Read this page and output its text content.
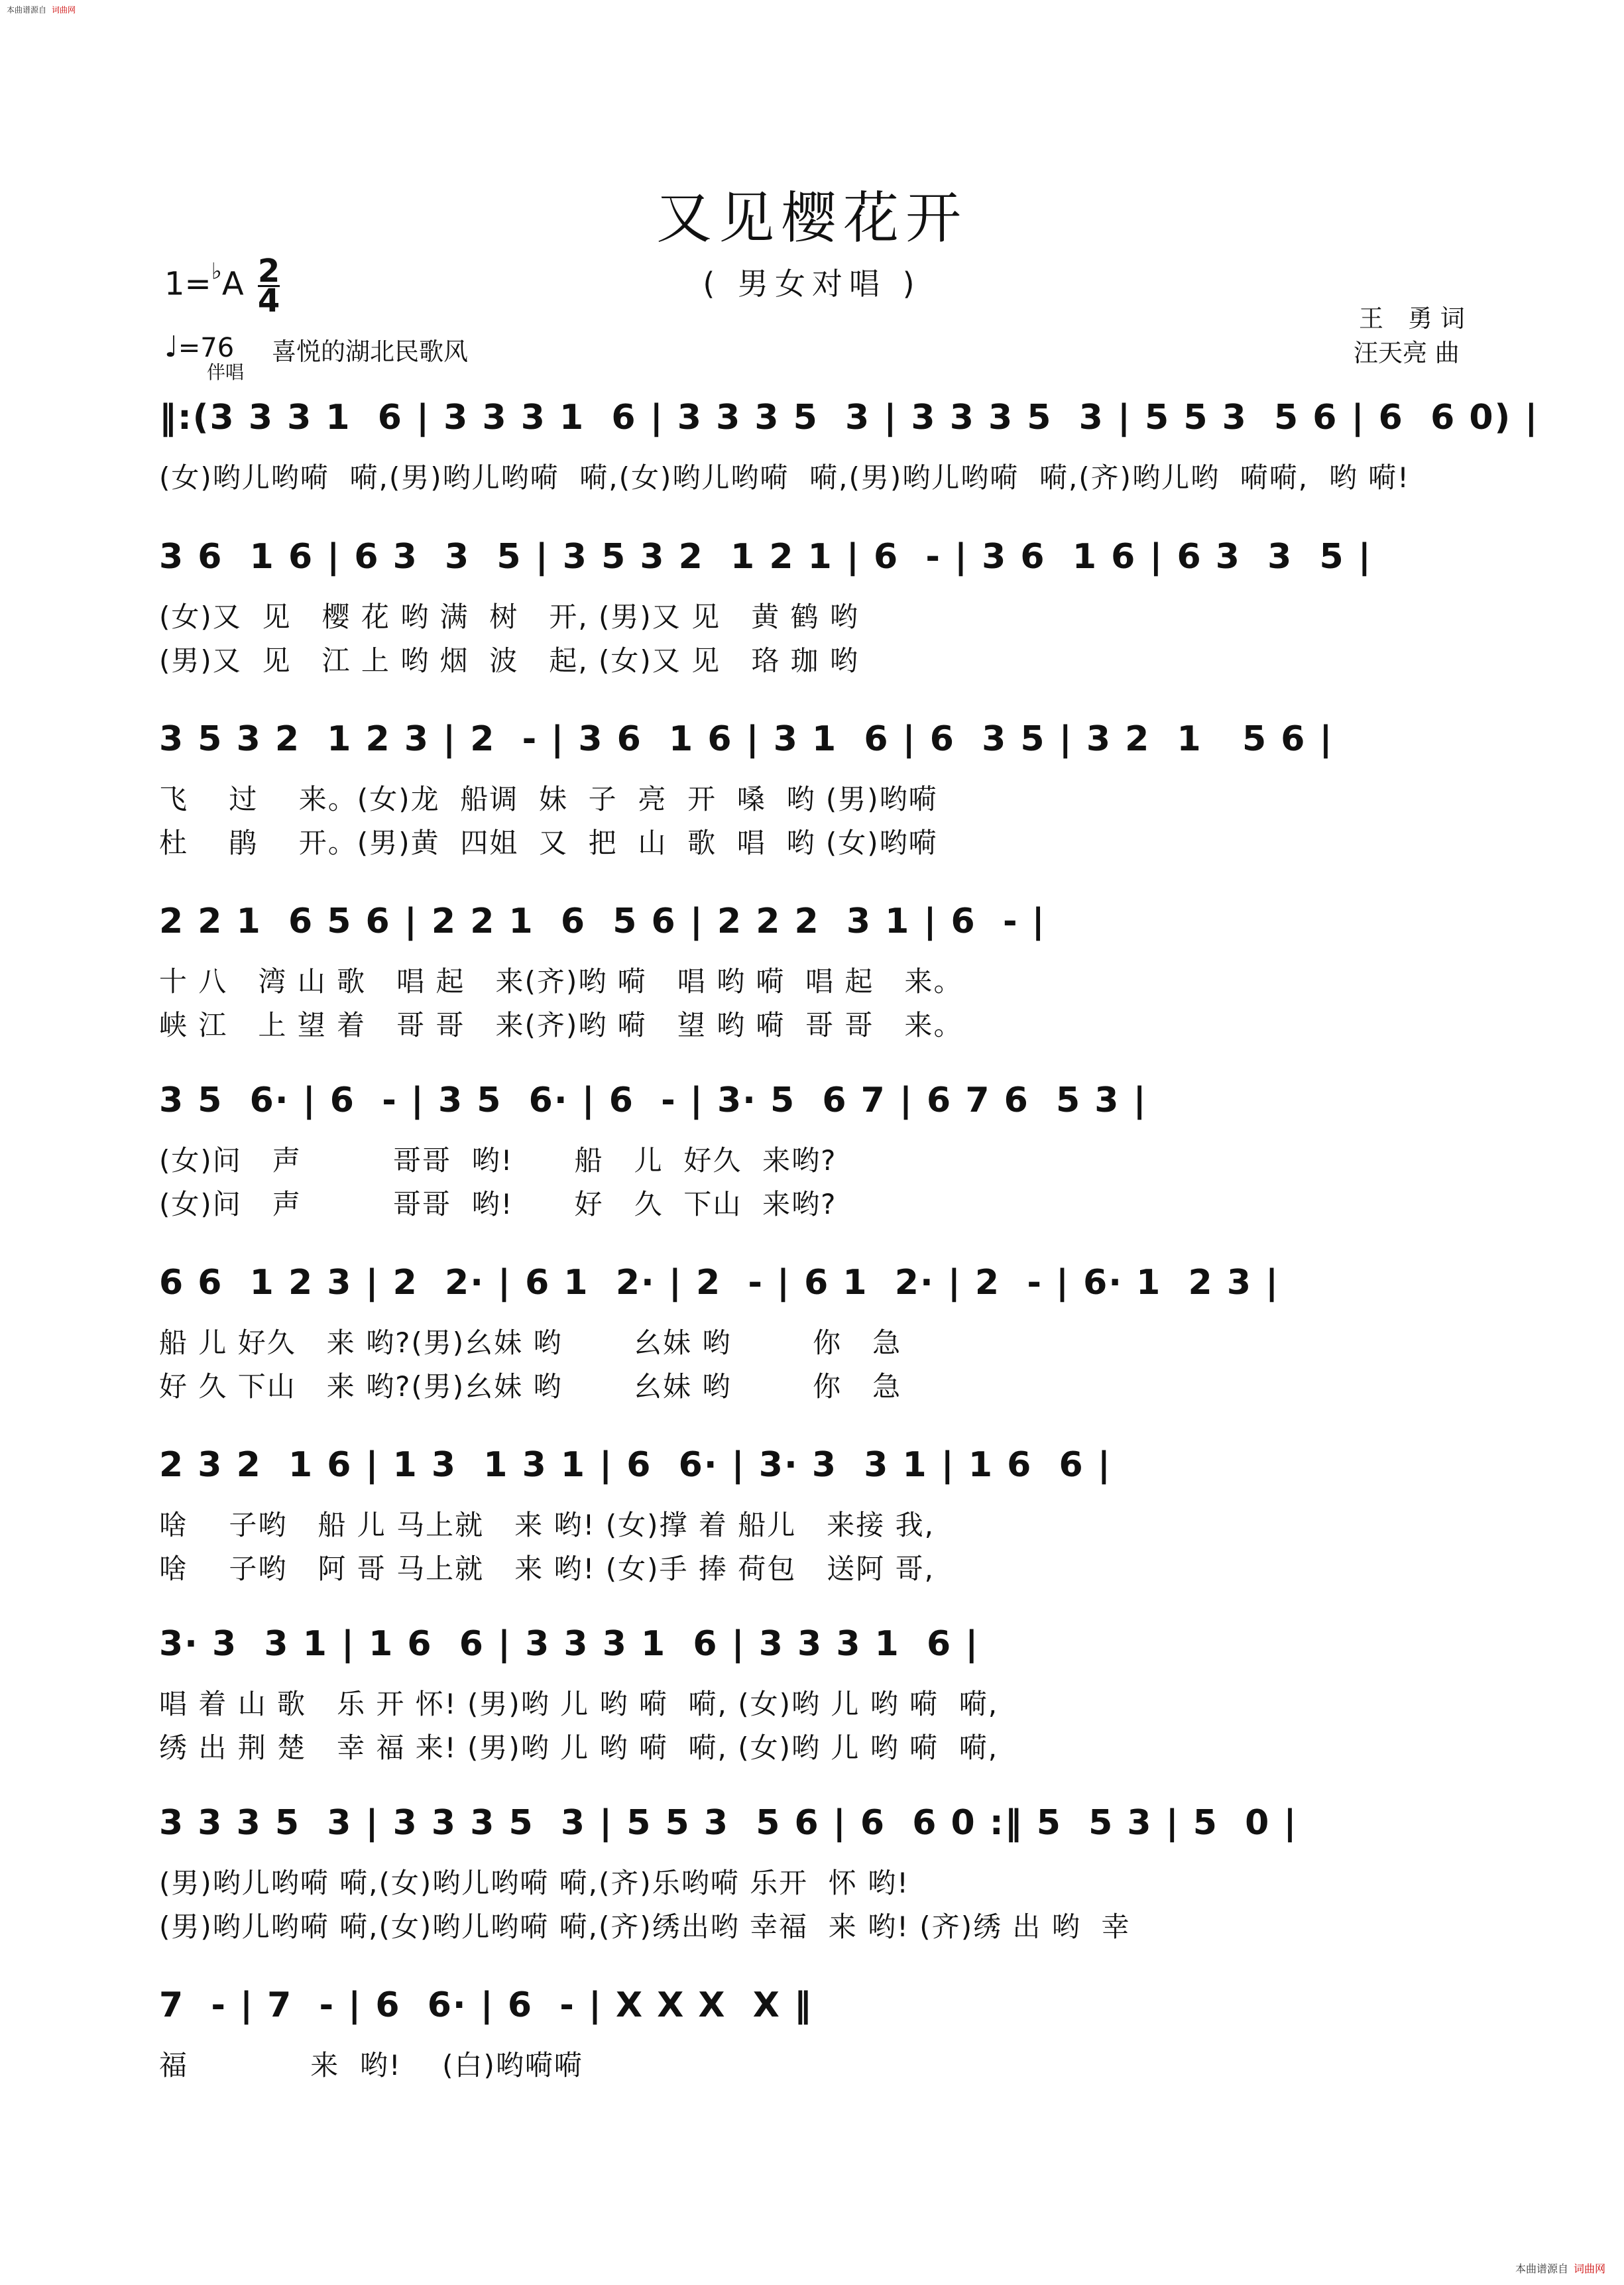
本曲谱源自 词曲网
又见樱花开
( 男女对唱 )
$1=^♭A \frac{2}{4}$
♩=76
伴唱
喜悦的湖北民歌风
王　勇 词
汪天亮 曲
‖:(3 3 3 1  6 | 3 3 3 1  6 | 3 3 3 5  3 | 3 3 3 5  3 | 5 5 3  5 6 | 6  6 0) |
(女)哟儿哟嗬  嗬,(男)哟儿哟嗬  嗬,(女)哟儿哟嗬  嗬,(男)哟儿哟嗬  嗬,(齐)哟儿哟  嗬嗬,  哟 嗬!
3 6  1 6 | 6 3  3  5 | 3 5 3 2  1 2 1 | 6  - | 3 6  1 6 | 6 3  3  5 |
(女)又  见   樱 花 哟 满  树   开, (男)又 见   黄 鹤 哟
(男)又  见   江 上 哟 烟  波   起, (女)又 见   珞 珈 哟
3 5 3 2  1 2 3 | 2  - | 3 6  1 6 | 3 1  6 | 6  3 5 | 3 2  1   5 6 |
飞    过    来。(女)龙  船调  妹  子  亮  开  嗓  哟 (男)哟嗬
杜    鹃    开。(男)黄  四姐  又  把  山  歌  唱  哟 (女)哟嗬
2 2 1  6 5 6 | 2 2 1  6  5 6 | 2 2 2  3 1 | 6  - |
十 八   湾 山 歌   唱 起   来(齐)哟 嗬   唱 哟 嗬  唱 起   来。
峡 江   上 望 着   哥 哥   来(齐)哟 嗬   望 哟 嗬  哥 哥   来。
3 5  6· | 6  - | 3 5  6· | 6  - | 3· 5  6 7 | 6 7 6  5 3 |
(女)问   声         哥哥  哟!      船   儿  好久  来哟?
(女)问   声         哥哥  哟!      好   久  下山  来哟?
6 6  1 2 3 | 2  2· | 6 1  2· | 2  - | 6 1  2· | 2  - | 6· 1  2 3 |
船 儿 好久   来 哟?(男)幺妹 哟       幺妹 哟        你   急
好 久 下山   来 哟?(男)幺妹 哟       幺妹 哟        你   急
2 3 2  1 6 | 1 3  1 3 1 | 6  6· | 3· 3  3 1 | 1 6  6 |
啥    子哟   船 儿 马上就   来 哟! (女)撑 着 船儿   来接 我,
啥    子哟   阿 哥 马上就   来 哟! (女)手 捧 荷包   送阿 哥,
3· 3  3 1 | 1 6  6 | 3 3 3 1  6 | 3 3 3 1  6 |
唱 着 山 歌   乐 开 怀! (男)哟 儿 哟 嗬  嗬, (女)哟 儿 哟 嗬  嗬,
绣 出 荆 楚   幸 福 来! (男)哟 儿 哟 嗬  嗬, (女)哟 儿 哟 嗬  嗬,
3 3 3 5  3 | 3 3 3 5  3 | 5 5 3  5 6 | 6  6 0 :‖ 5  5 3 | 5  0 |
(男)哟儿哟嗬 嗬,(女)哟儿哟嗬 嗬,(齐)乐哟嗬 乐开  怀 哟!
(男)哟儿哟嗬 嗬,(女)哟儿哟嗬 嗬,(齐)绣出哟 幸福  来 哟! (齐)绣 出 哟  幸
7  - | 7  - | 6  6· | 6  - | X X X  X ‖
福            来  哟!    (白)哟嗬嗬
本曲谱源自 词曲网
